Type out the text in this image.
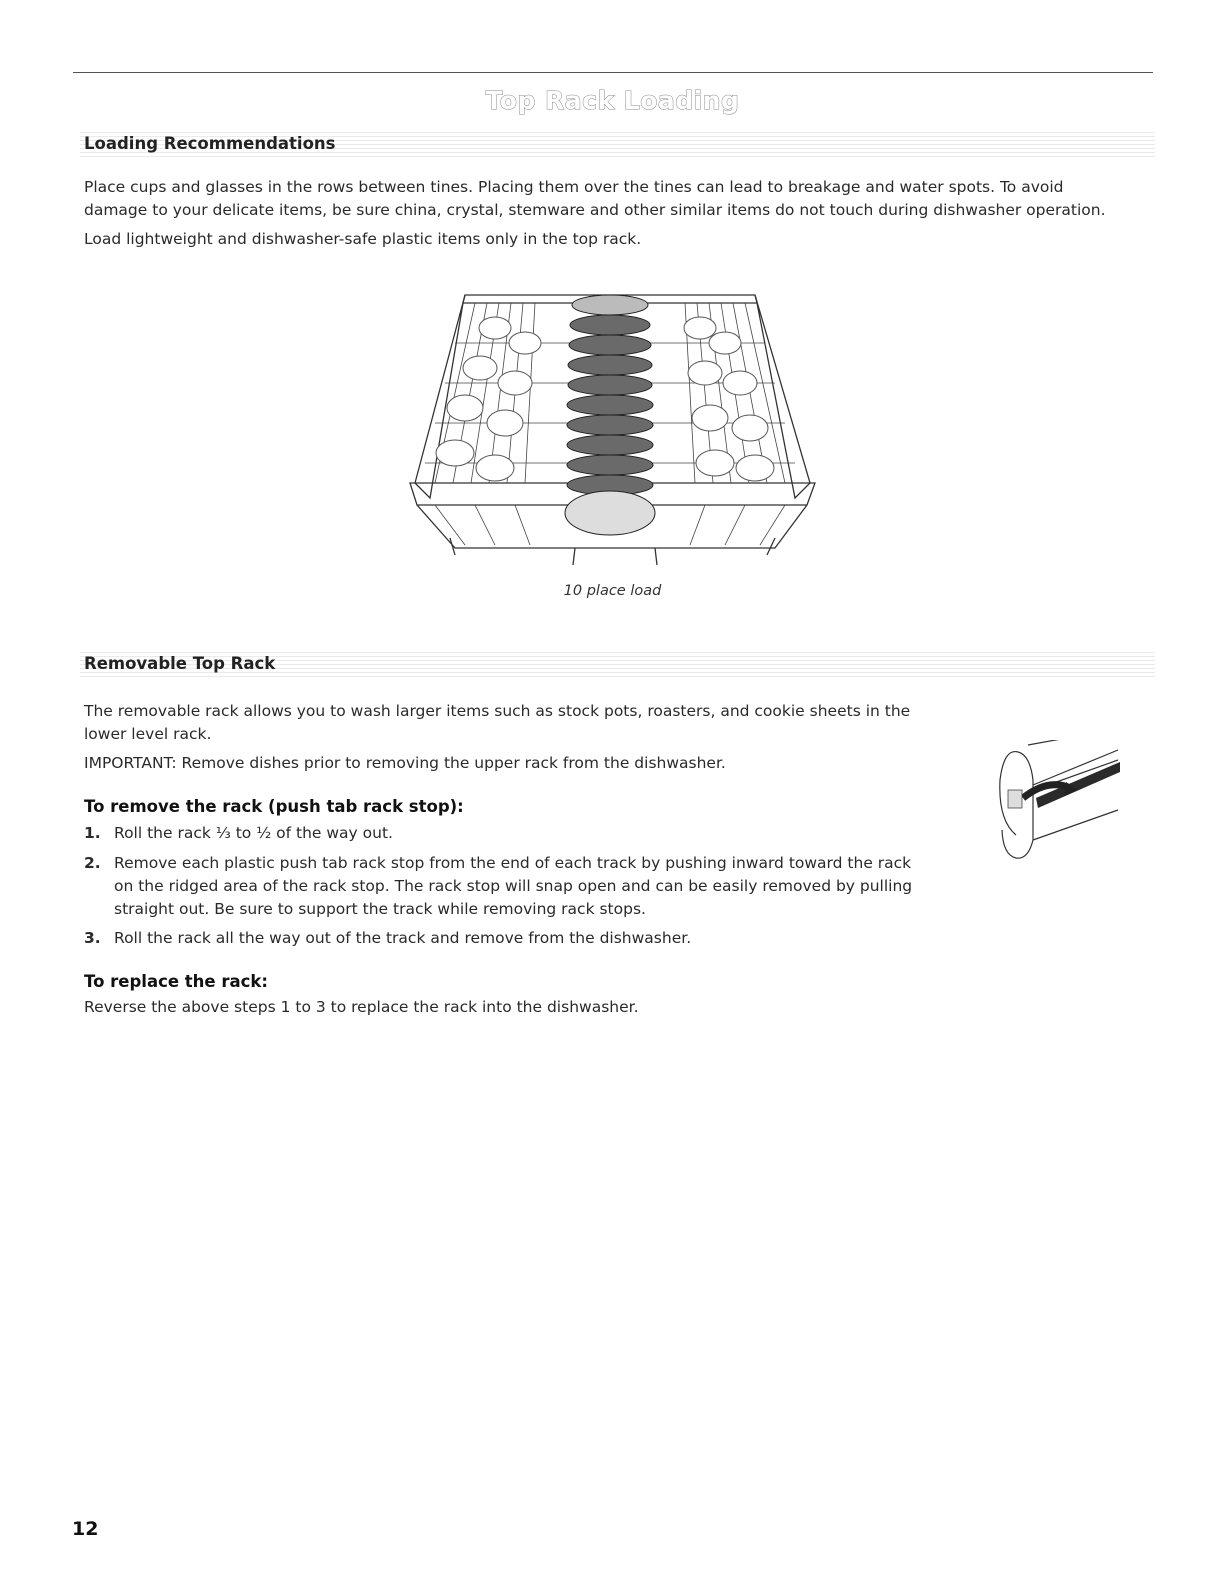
Top Rack Loading
Loading Recommendations

Place cups and glasses in the rows between tines. Placing them over the tines can lead to breakage and water spots. To avoid

damage to your delicate items, be sure china, crystal, stemware and other similar items do not touch during dishwasher operation.

Load lightweight and dishwasher-safe plastic items only in the top rack.

10 place load
Removable Top Rack

The removable rack allows you to wash larger items such as stock pots, roasters, and cookie sheets in the

lower level rack.

IMPORTANT: Remove dishes prior to removing the upper rack from the dishwasher.

To remove the rack (push tab rack stop):
1. Roll the rack ⅓ to ½ of the way out.
2. Remove each plastic push tab rack stop from the end of each track by pushing inward toward the rack
on the ridged area of the rack stop. The rack stop will snap open and can be easily removed by pulling
straight out. Be sure to support the track while removing rack stops.
3. Roll the rack all the way out of the track and remove from the dishwasher.
To replace the rack:

Reverse the above steps 1 to 3 to replace the rack into the dishwasher.

12
